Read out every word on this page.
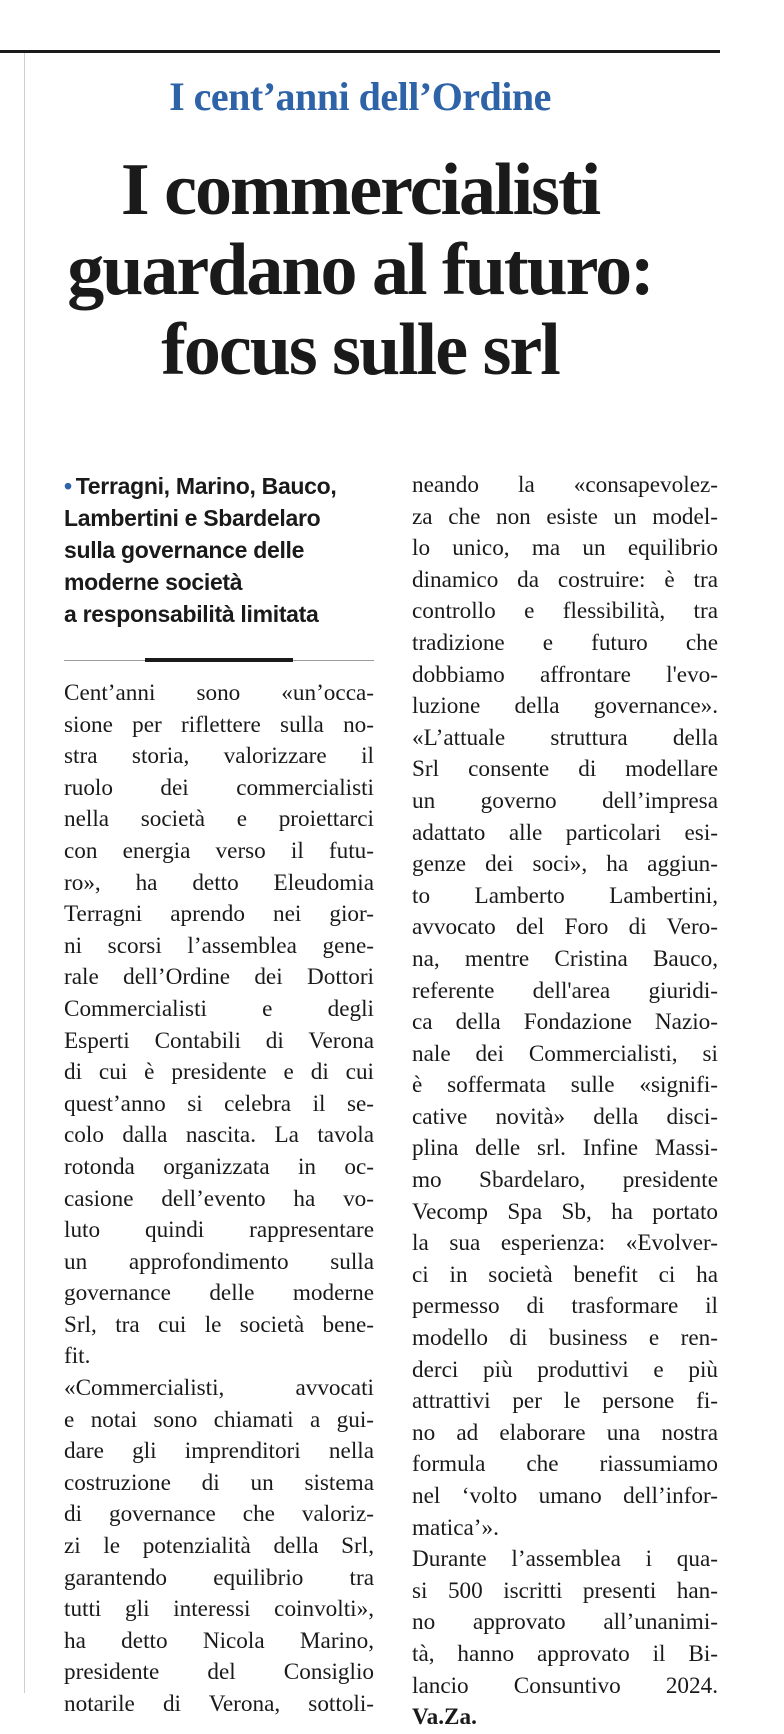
I cent’anni dell’Ordine
I commercialisti
guardano al futuro:
focus sulle srl
• Terragni, Marino, Bauco,
Lambertini e Sbardelaro
sulla governance delle
moderne società
a responsabilità limitata
Cent’anni sono «un’occa-
sione per riflettere sulla no-
stra storia, valorizzare il
ruolo dei commercialisti
nella società e proiettarci
con energia verso il futu-
ro», ha detto Eleudomia
Terragni aprendo nei gior-
ni scorsi l’assemblea gene-
rale dell’Ordine dei Dottori
Commercialisti e degli
Esperti Contabili di Verona
di cui è presidente e di cui
quest’anno si celebra il se-
colo dalla nascita. La tavola
rotonda organizzata in oc-
casione dell’evento ha vo-
luto quindi rappresentare
un approfondimento sulla
governance delle moderne
Srl, tra cui le società bene-
fit.
«Commercialisti, avvocati
e notai sono chiamati a gui-
dare gli imprenditori nella
costruzione di un sistema
di governance che valoriz-
zi le potenzialità della Srl,
garantendo equilibrio tra
tutti gli interessi coinvolti»,
ha detto Nicola Marino,
presidente del Consiglio
notarile di Verona, sottoli-
neando la «consapevolez-
za che non esiste un model-
lo unico, ma un equilibrio
dinamico da costruire: è tra
controllo e flessibilità, tra
tradizione e futuro che
dobbiamo affrontare l'evo-
luzione della governance».
«L’attuale struttura della
Srl consente di modellare
un governo dell’impresa
adattato alle particolari esi-
genze dei soci», ha aggiun-
to Lamberto Lambertini,
avvocato del Foro di Vero-
na, mentre Cristina Bauco,
referente dell'area giuridi-
ca della Fondazione Nazio-
nale dei Commercialisti, si
è soffermata sulle «signifi-
cative novità» della disci-
plina delle srl. Infine Massi-
mo Sbardelaro, presidente
Vecomp Spa Sb, ha portato
la sua esperienza: «Evolver-
ci in società benefit ci ha
permesso di trasformare il
modello di business e ren-
derci più produttivi e più
attrattivi per le persone fi-
no ad elaborare una nostra
formula che riassumiamo
nel ‘volto umano dell’infor-
matica’».
Durante l’assemblea i qua-
si 500 iscritti presenti han-
no approvato all’unanimi-
tà, hanno approvato il Bi-
lancio Consuntivo 2024.
Va.Za.
